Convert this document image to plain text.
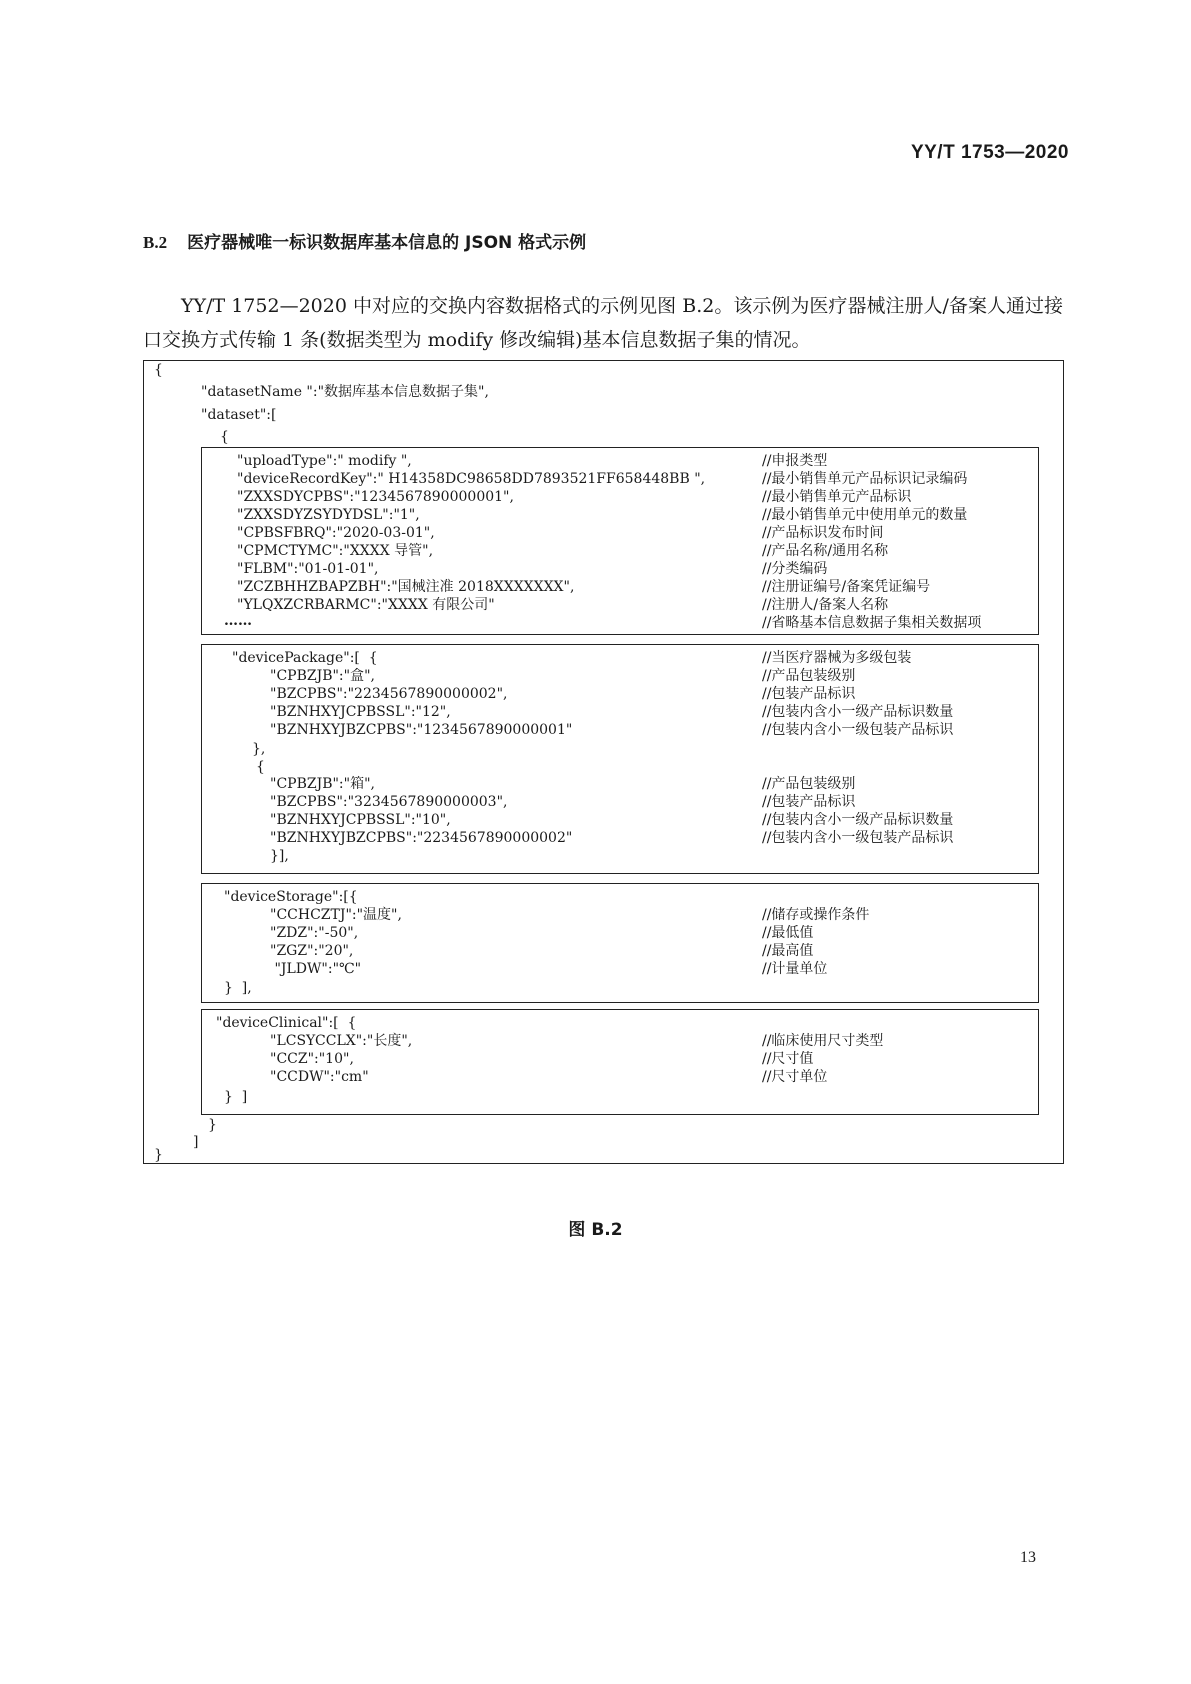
YY/T 1753—2020
B.2 医疗器械唯一标识数据库基本信息的 JSON 格式示例

YY/T 1752—2020 中对应的交换内容数据格式的示例见图 B.2。该示例为医疗器械注册人/备案人通过接口交换方式传输 1 条(数据类型为 modify 修改编辑)基本信息数据子集的情况。

{
"datasetName ":"数据库基本信息数据子集",
"dataset":[
{
"uploadType":" modify ",
"deviceRecordKey":" H14358DC98658DD7893521FF658448BB ",
"ZXXSDYCPBS":"1234567890000001",
"ZXXSDYZSYDYDSL":"1",
"CPBSFBRQ":"2020-03-01",
"CPMCTYMC":"XXXX 导管",
"FLBM":"01-01-01",
"ZCZBHHZBAPZBH":"国械注准 2018XXXXXXX",
"YLQXZCRBARMC":"XXXX 有限公司"
……
//申报类型
//最小销售单元产品标识记录编码
//最小销售单元产品标识
//最小销售单元中使用单元的数量
//产品标识发布时间
//产品名称/通用名称
//分类编码
//注册证编号/备案凭证编号
//注册人/备案人名称
//省略基本信息数据子集相关数据项
"devicePackage":[  {	//当医疗器械为多级包装
"CPBZJB":"盒",
"BZCPBS":"2234567890000002",
"BZNHXYJCPBSSL":"12",
"BZNHXYJBZCPBS":"1234567890000001"
//产品包装级别
//包装产品标识
//包装内含小一级产品标识数量
//包装内含小一级包装产品标识
},
{
"CPBZJB":"箱",
"BZCPBS":"3234567890000003",
"BZNHXYJCPBSSL":"10",
"BZNHXYJBZCPBS":"2234567890000002"
//产品包装级别
//包装产品标识
//包装内含小一级产品标识数量
//包装内含小一级包装产品标识
}],
"deviceStorage":[{
"CCHCZTJ":"温度",
"ZDZ":"-50",
"ZGZ":"20",
"JLDW":"℃"
//储存或操作条件
//最低值
//最高值
//计量单位
}  ],
"deviceClinical":[  {
"LCSYCCLX":"长度",
"CCZ":"10",
"CCDW":"cm"
//临床使用尺寸类型
//尺寸值
//尺寸单位
}  ]
}
]
}
图 B.2
13
